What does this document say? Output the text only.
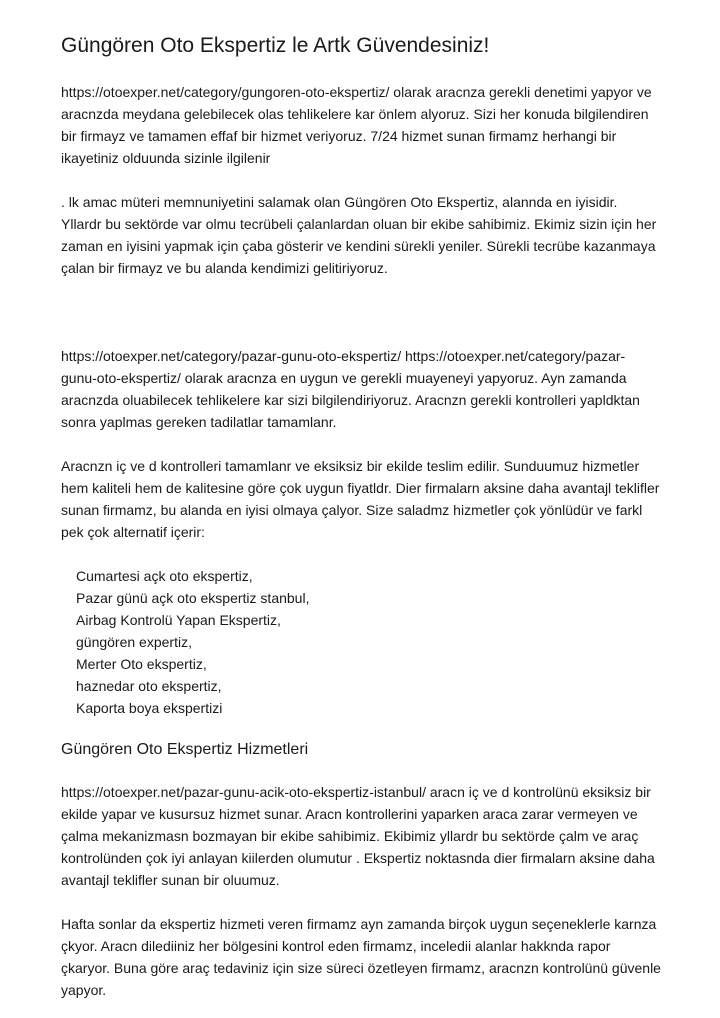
Güngören Oto Ekspertiz le Artk Güvendesiniz!

https://otoexper.net/category/gungoren-oto-ekspertiz/ olarak aracnza gerekli denetimi yapyor ve aracnzda meydana gelebilecek olas tehlikelere kar önlem alyoruz. Sizi her konuda bilgilendiren bir firmayz ve tamamen effaf bir hizmet veriyoruz. 7/24 hizmet sunan firmamz herhangi bir ikayetiniz olduunda sizinle ilgilenir

. lk amac müteri memnuniyetini salamak olan Güngören Oto Ekspertiz, alannda en iyisidir. Yllardr bu sektörde var olmu tecrübeli çalanlardan oluan bir ekibe sahibimiz. Ekimiz sizin için her zaman en iyisini yapmak için çaba gösterir ve kendini sürekli yeniler. Sürekli tecrübe kazanmaya çalan bir firmayz ve bu alanda kendimizi gelitiriyoruz.

https://otoexper.net/category/pazar-gunu-oto-ekspertiz/ https://otoexper.net/category/pazar-gunu-oto-ekspertiz/ olarak aracnza en uygun ve gerekli muayeneyi yapyoruz. Ayn zamanda aracnzda oluabilecek tehlikelere kar sizi bilgilendiriyoruz. Aracnzn gerekli kontrolleri yapldktan sonra yaplmas gereken tadilatlar tamamlanr.

Aracnzn iç ve d kontrolleri tamamlanr ve eksiksiz bir ekilde teslim edilir. Sunduumuz hizmetler hem kaliteli hem de kalitesine göre çok uygun fiyatldr. Dier firmalarn aksine daha avantajl teklifler sunan firmamz, bu alanda en iyisi olmaya çalyor. Size saladmz hizmetler çok yönlüdür ve farkl pek çok alternatif içerir:

Cumartesi açk oto ekspertiz,
Pazar günü açk oto ekspertiz stanbul,
Airbag Kontrolü Yapan Ekspertiz,
güngören expertiz,
Merter Oto ekspertiz,
haznedar oto ekspertiz,
Kaporta boya ekspertizi
Güngören Oto Ekspertiz Hizmetleri

https://otoexper.net/pazar-gunu-acik-oto-ekspertiz-istanbul/ aracn iç ve d kontrolünü eksiksiz bir ekilde yapar ve kusursuz hizmet sunar. Aracn kontrollerini yaparken araca zarar vermeyen ve çalma mekanizmasn bozmayan bir ekibe sahibimiz. Ekibimiz yllardr bu sektörde çalm ve araç kontrolünden çok iyi anlayan kiilerden olumutur . Ekspertiz noktasnda dier firmalarn aksine daha avantajl teklifler sunan bir oluumuz.

Hafta sonlar da ekspertiz hizmeti veren firmamz ayn zamanda birçok uygun seçeneklerle karnza çkyor. Aracn dilediiniz her bölgesini kontrol eden firmamz, inceledii alanlar hakknda rapor çkaryor. Buna göre araç tedaviniz için size süreci özetleyen firmamz, aracnzn kontrolünü güvenle yapyor.
